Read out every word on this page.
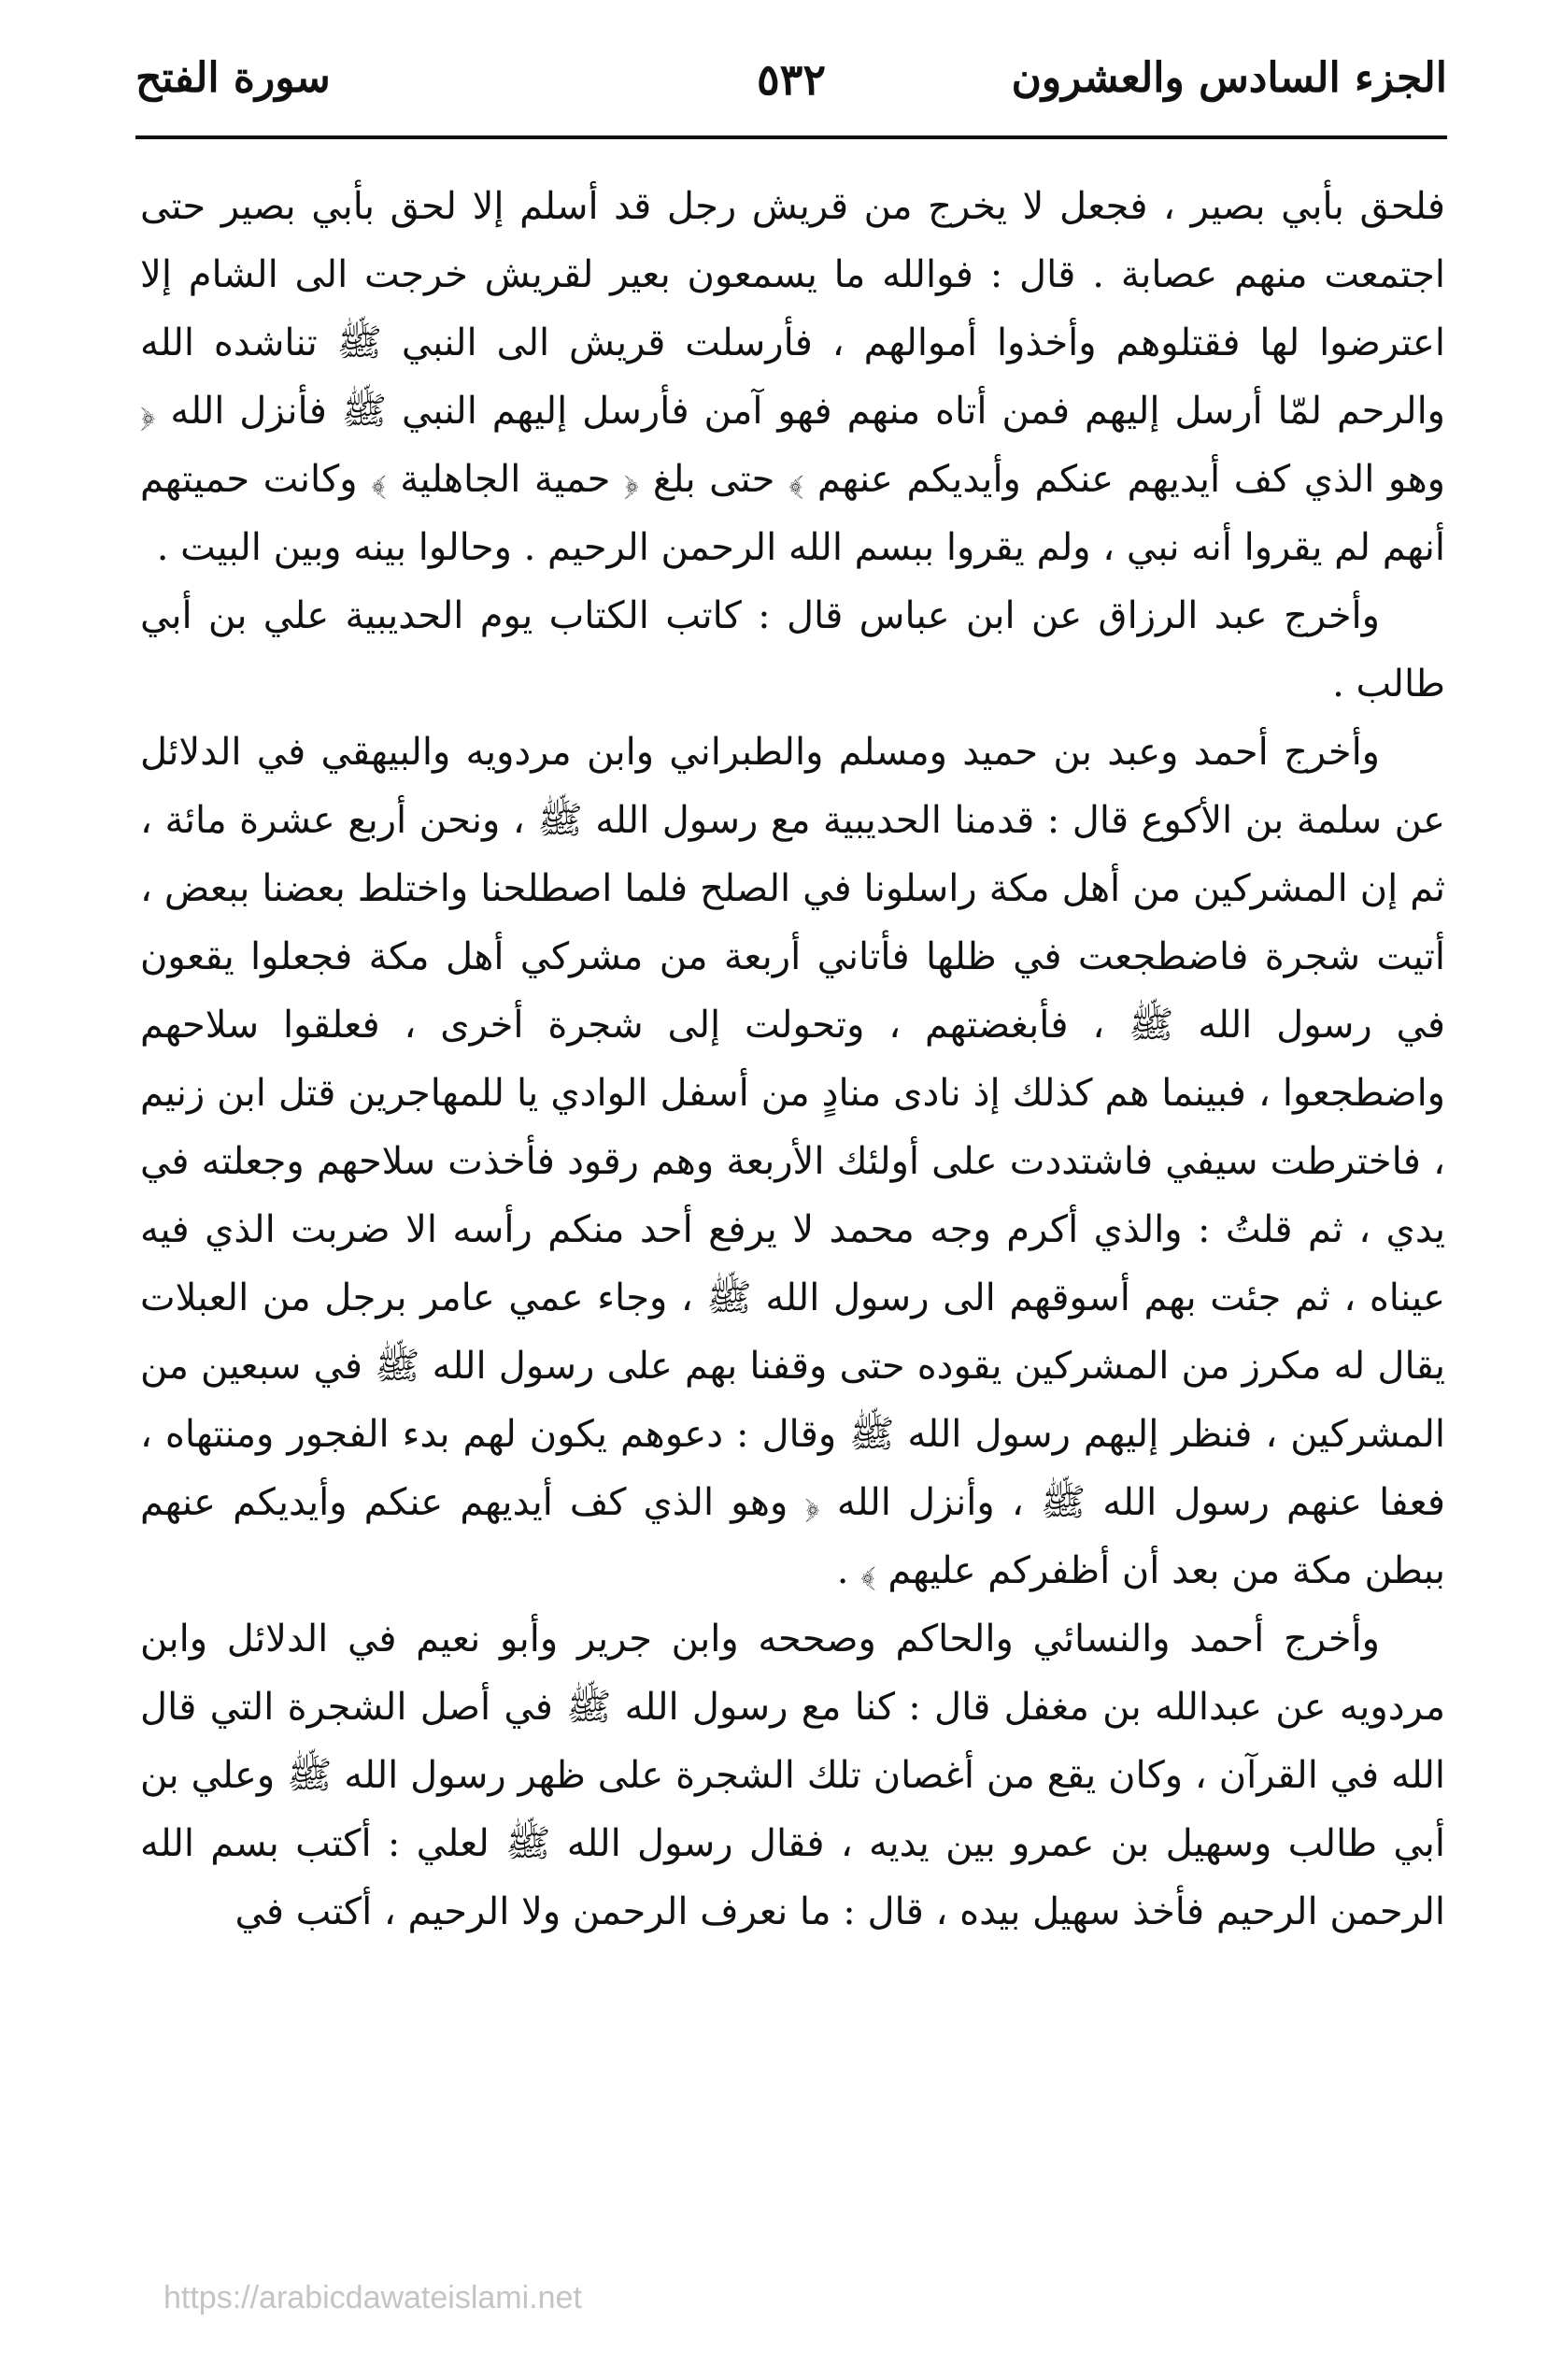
الجزء السادس والعشرون
٥٣٢
سورة الفتح

فلحق بأبي بصير ، فجعل لا يخرج من قريش رجل قد أسلم إلا لحق بأبي بصير حتى اجتمعت منهم عصابة . قال : فوالله ما يسمعون بعير لقريش خرجت الى الشام إلا اعترضوا لها فقتلوهم وأخذوا أموالهم ، فأرسلت قريش الى النبي ﷺ تناشده الله والرحم لمّا أرسل إليهم فمن أتاه منهم فهو آمن فأرسل إليهم النبي ﷺ فأنزل الله ﴿ وهو الذي كف أيديهم عنكم وأيديكم عنهم ﴾ حتى بلغ ﴿ حمية الجاهلية ﴾ وكانت حميتهم أنهم لم يقروا أنه نبي ، ولم يقروا ببسم الله الرحمن الرحيم . وحالوا بينه وبين البيت .

وأخرج عبد الرزاق عن ابن عباس قال : كاتب الكتاب يوم الحديبية علي بن أبي طالب .

وأخرج أحمد وعبد بن حميد ومسلم والطبراني وابن مردويه والبيهقي في الدلائل عن سلمة بن الأكوع قال : قدمنا الحديبية مع رسول الله ﷺ ، ونحن أربع عشرة مائة ، ثم إن المشركين من أهل مكة راسلونا في الصلح فلما اصطلحنا واختلط بعضنا ببعض ، أتيت شجرة فاضطجعت في ظلها فأتاني أربعة من مشركي أهل مكة فجعلوا يقعون في رسول الله ﷺ ، فأبغضتهم ، وتحولت إلى شجرة أخرى ، فعلقوا سلاحهم واضطجعوا ، فبينما هم كذلك إذ نادى منادٍ من أسفل الوادي يا للمهاجرين قتل ابن زنيم ، فاخترطت سيفي فاشتددت على أولئك الأربعة وهم رقود فأخذت سلاحهم وجعلته في يدي ، ثم قلتُ : والذي أكرم وجه محمد لا يرفع أحد منكم رأسه الا ضربت الذي فيه عيناه ، ثم جئت بهم أسوقهم الى رسول الله ﷺ ، وجاء عمي عامر برجل من العبلات يقال له مكرز من المشركين يقوده حتى وقفنا بهم على رسول الله ﷺ في سبعين من المشركين ، فنظر إليهم رسول الله ﷺ وقال : دعوهم يكون لهم بدء الفجور ومنتهاه ، فعفا عنهم رسول الله ﷺ ، وأنزل الله ﴿ وهو الذي كف أيديهم عنكم وأيديكم عنهم ببطن مكة من بعد أن أظفركم عليهم ﴾ .

وأخرج أحمد والنسائي والحاكم وصححه وابن جرير وأبو نعيم في الدلائل وابن مردويه عن عبدالله بن مغفل قال : كنا مع رسول الله ﷺ في أصل الشجرة التي قال الله في القرآن ، وكان يقع من أغصان تلك الشجرة على ظهر رسول الله ﷺ وعلي بن أبي طالب وسهيل بن عمرو بين يديه ، فقال رسول الله ﷺ لعلي : أكتب بسم الله الرحمن الرحيم فأخذ سهيل بيده ، قال : ما نعرف الرحمن ولا الرحيم ، أكتب في

https://arabicdawateislami.net
